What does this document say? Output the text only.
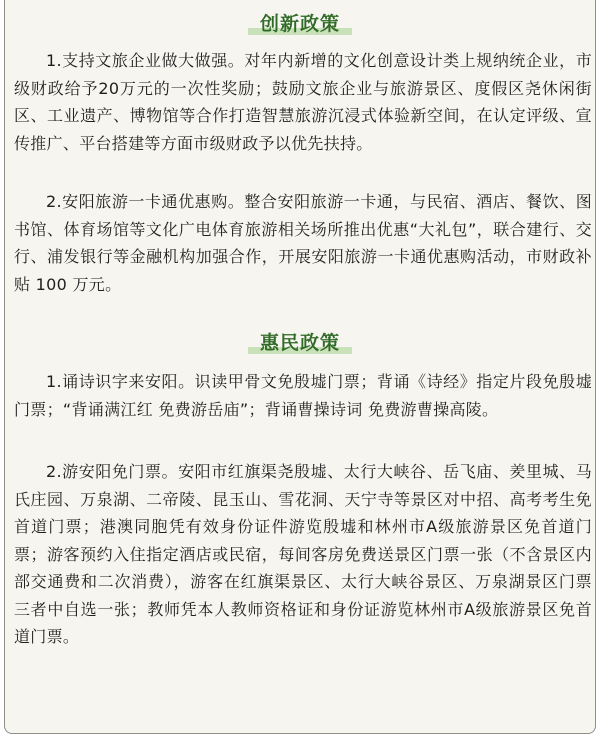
创新政策

1.支持文旅企业做大做强。对年内新增的文化创意设计类上规纳统企业，市级财政给予20万元的一次性奖励；鼓励文旅企业与旅游景区、度假区尧休闲街区、工业遗产、博物馆等合作打造智慧旅游沉浸式体验新空间，在认定评级、宣传推广、平台搭建等方面市级财政予以优先扶持。

2.安阳旅游一卡通优惠购。整合安阳旅游一卡通，与民宿、酒店、餐饮、图书馆、体育场馆等文化广电体育旅游相关场所推出优惠“大礼包”，联合建行、交行、浦发银行等金融机构加强合作，开展安阳旅游一卡通优惠购活动，市财政补贴 100 万元。

惠民政策

1.诵诗识字来安阳。识读甲骨文免殷墟门票；背诵《诗经》指定片段免殷墟门票；“背诵满江红 免费游岳庙”；背诵曹操诗词 免费游曹操高陵。

2.游安阳免门票。安阳市红旗渠尧殷墟、太行大峡谷、岳飞庙、羑里城、马氏庄园、万泉湖、二帝陵、昆玉山、雪花洞、天宁寺等景区对中招、高考考生免首道门票；港澳同胞凭有效身份证件游览殷墟和林州市A级旅游景区免首道门票；游客预约入住指定酒店或民宿，每间客房免费送景区门票一张（不含景区内部交通费和二次消费），游客在红旗渠景区、太行大峡谷景区、万泉湖景区门票三者中自选一张；教师凭本人教师资格证和身份证游览林州市A级旅游景区免首道门票。
